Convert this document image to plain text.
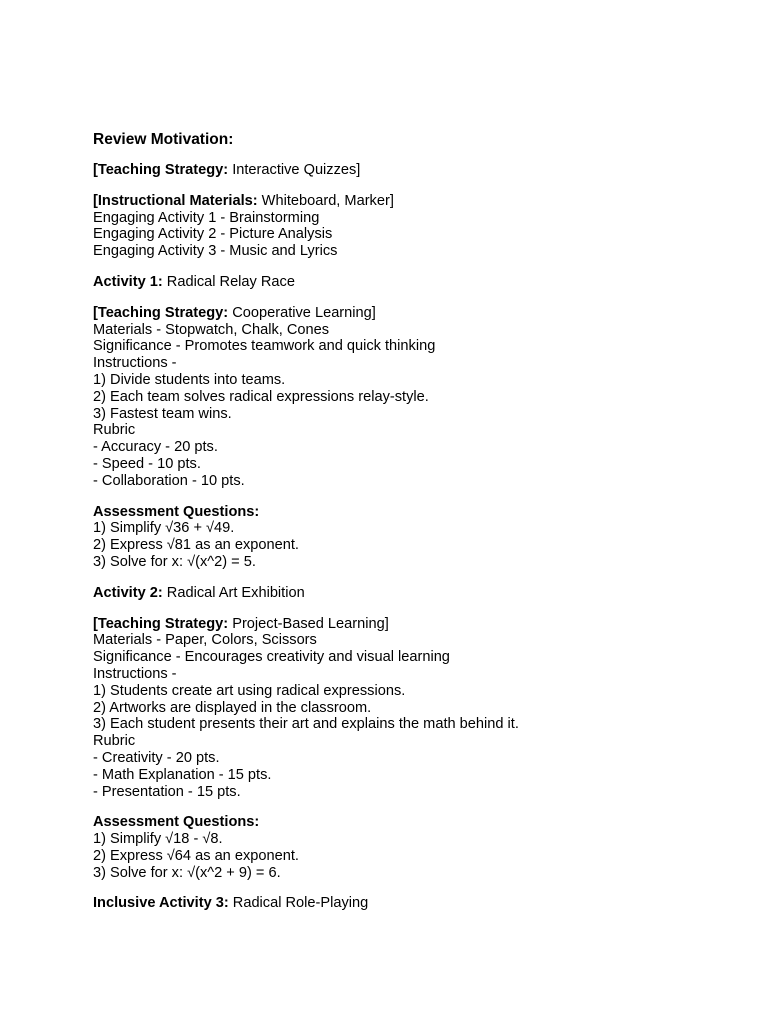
Review Motivation:
[Teaching Strategy: Interactive Quizzes]
[Instructional Materials: Whiteboard, Marker]
Engaging Activity 1 - Brainstorming
Engaging Activity 2 - Picture Analysis
Engaging Activity 3 - Music and Lyrics
Activity 1: Radical Relay Race
[Teaching Strategy: Cooperative Learning]
Materials - Stopwatch, Chalk, Cones
Significance - Promotes teamwork and quick thinking
Instructions -
1) Divide students into teams.
2) Each team solves radical expressions relay-style.
3) Fastest team wins.
Rubric
- Accuracy - 20 pts.
- Speed - 10 pts.
- Collaboration - 10 pts.
Assessment Questions:
1) Simplify √36 + √49.
2) Express √81 as an exponent.
3) Solve for x: √(x^2) = 5.
Activity 2: Radical Art Exhibition
[Teaching Strategy: Project-Based Learning]
Materials - Paper, Colors, Scissors
Significance - Encourages creativity and visual learning
Instructions -
1) Students create art using radical expressions.
2) Artworks are displayed in the classroom.
3) Each student presents their art and explains the math behind it.
Rubric
- Creativity - 20 pts.
- Math Explanation - 15 pts.
- Presentation - 15 pts.
Assessment Questions:
1) Simplify √18 - √8.
2) Express √64 as an exponent.
3) Solve for x: √(x^2 + 9) = 6.
Inclusive Activity 3: Radical Role-Playing
